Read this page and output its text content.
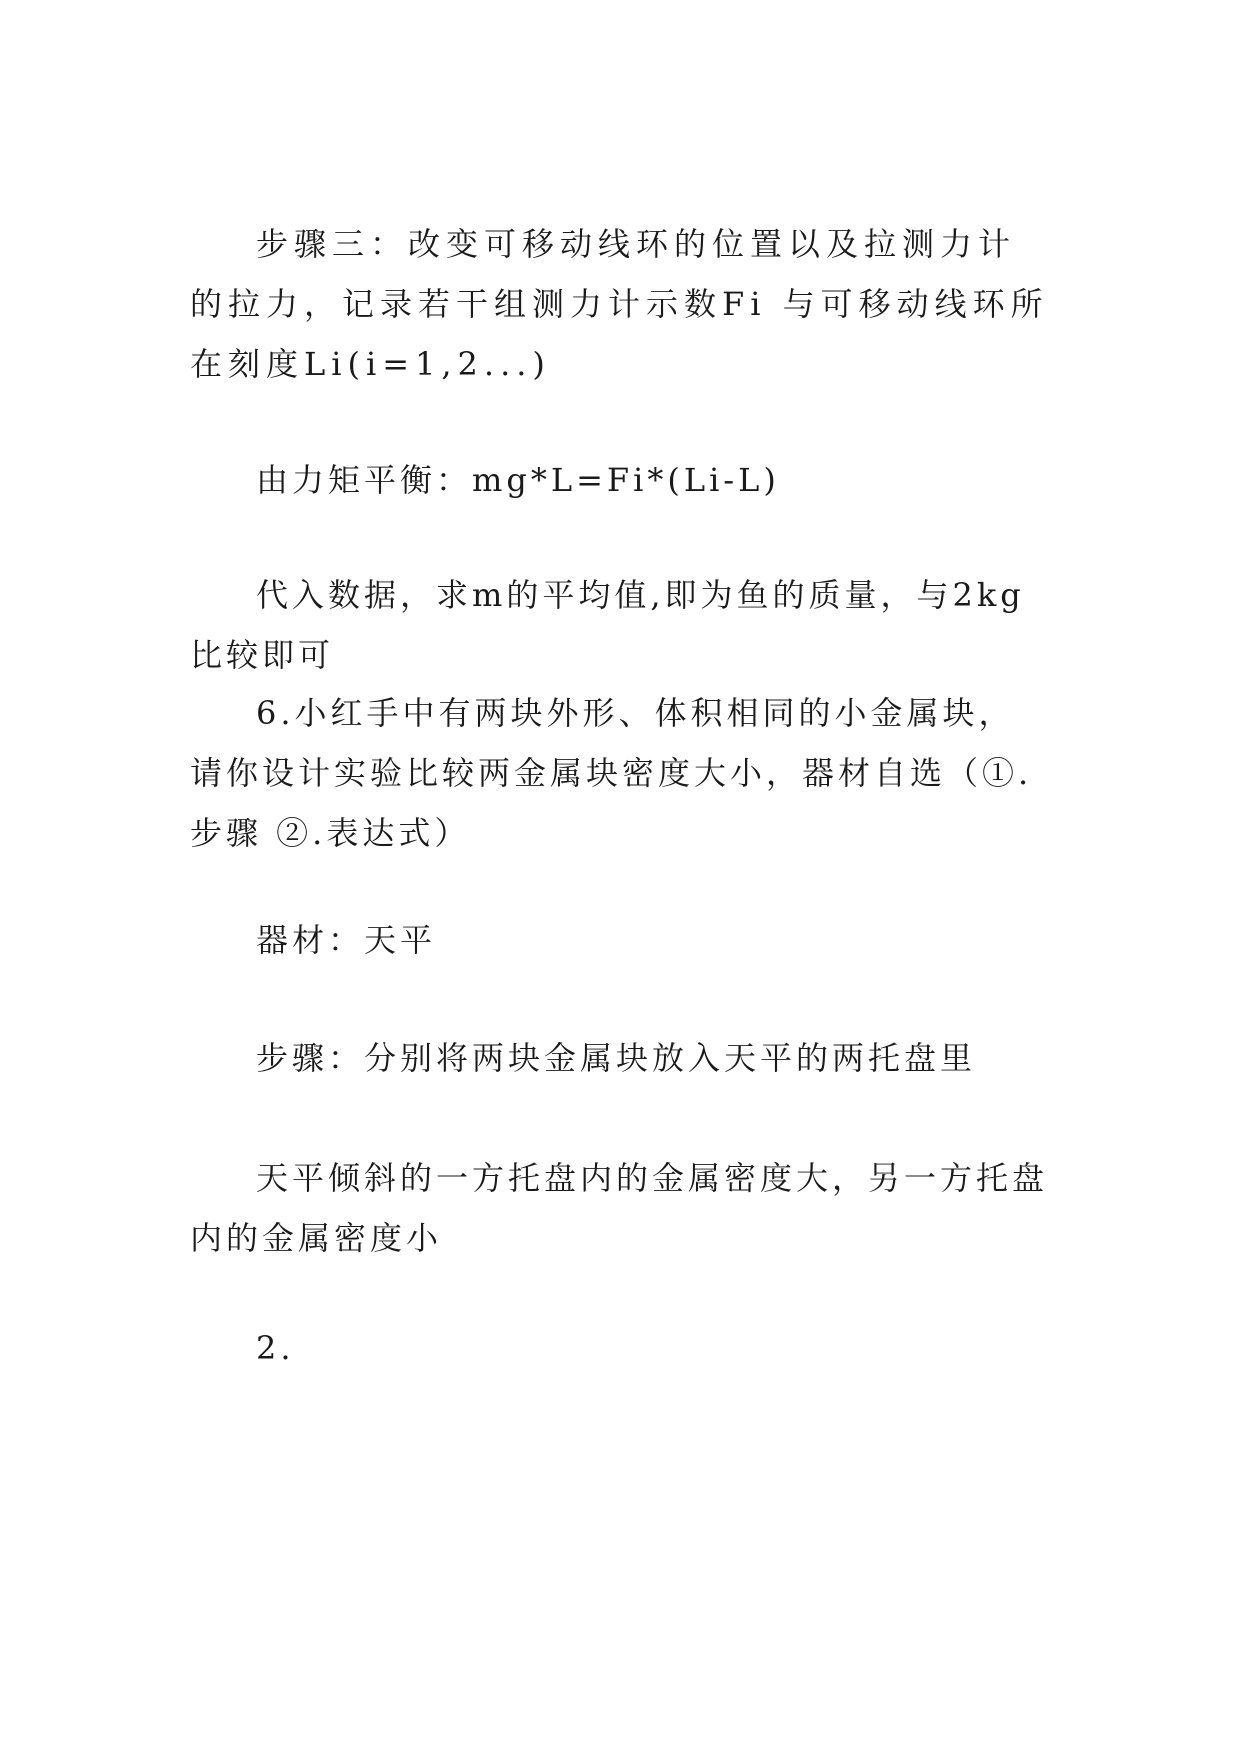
步骤三：改变可移动线环的位置以及拉测力计的拉力，记录若干组测力计示数Fi 与可移动线环所在刻度Li(i=1,2...)

由力矩平衡：mg*L=Fi*(Li-L)

代入数据，求m的平均值,即为鱼的质量，与2kg比较即可

6.小红手中有两块外形、体积相同的小金属块，请你设计实验比较两金属块密度大小，器材自选（①.步骤 ②.表达式）

器材：天平

步骤：分别将两块金属块放入天平的两托盘里

天平倾斜的一方托盘内的金属密度大，另一方托盘内的金属密度小

2.
